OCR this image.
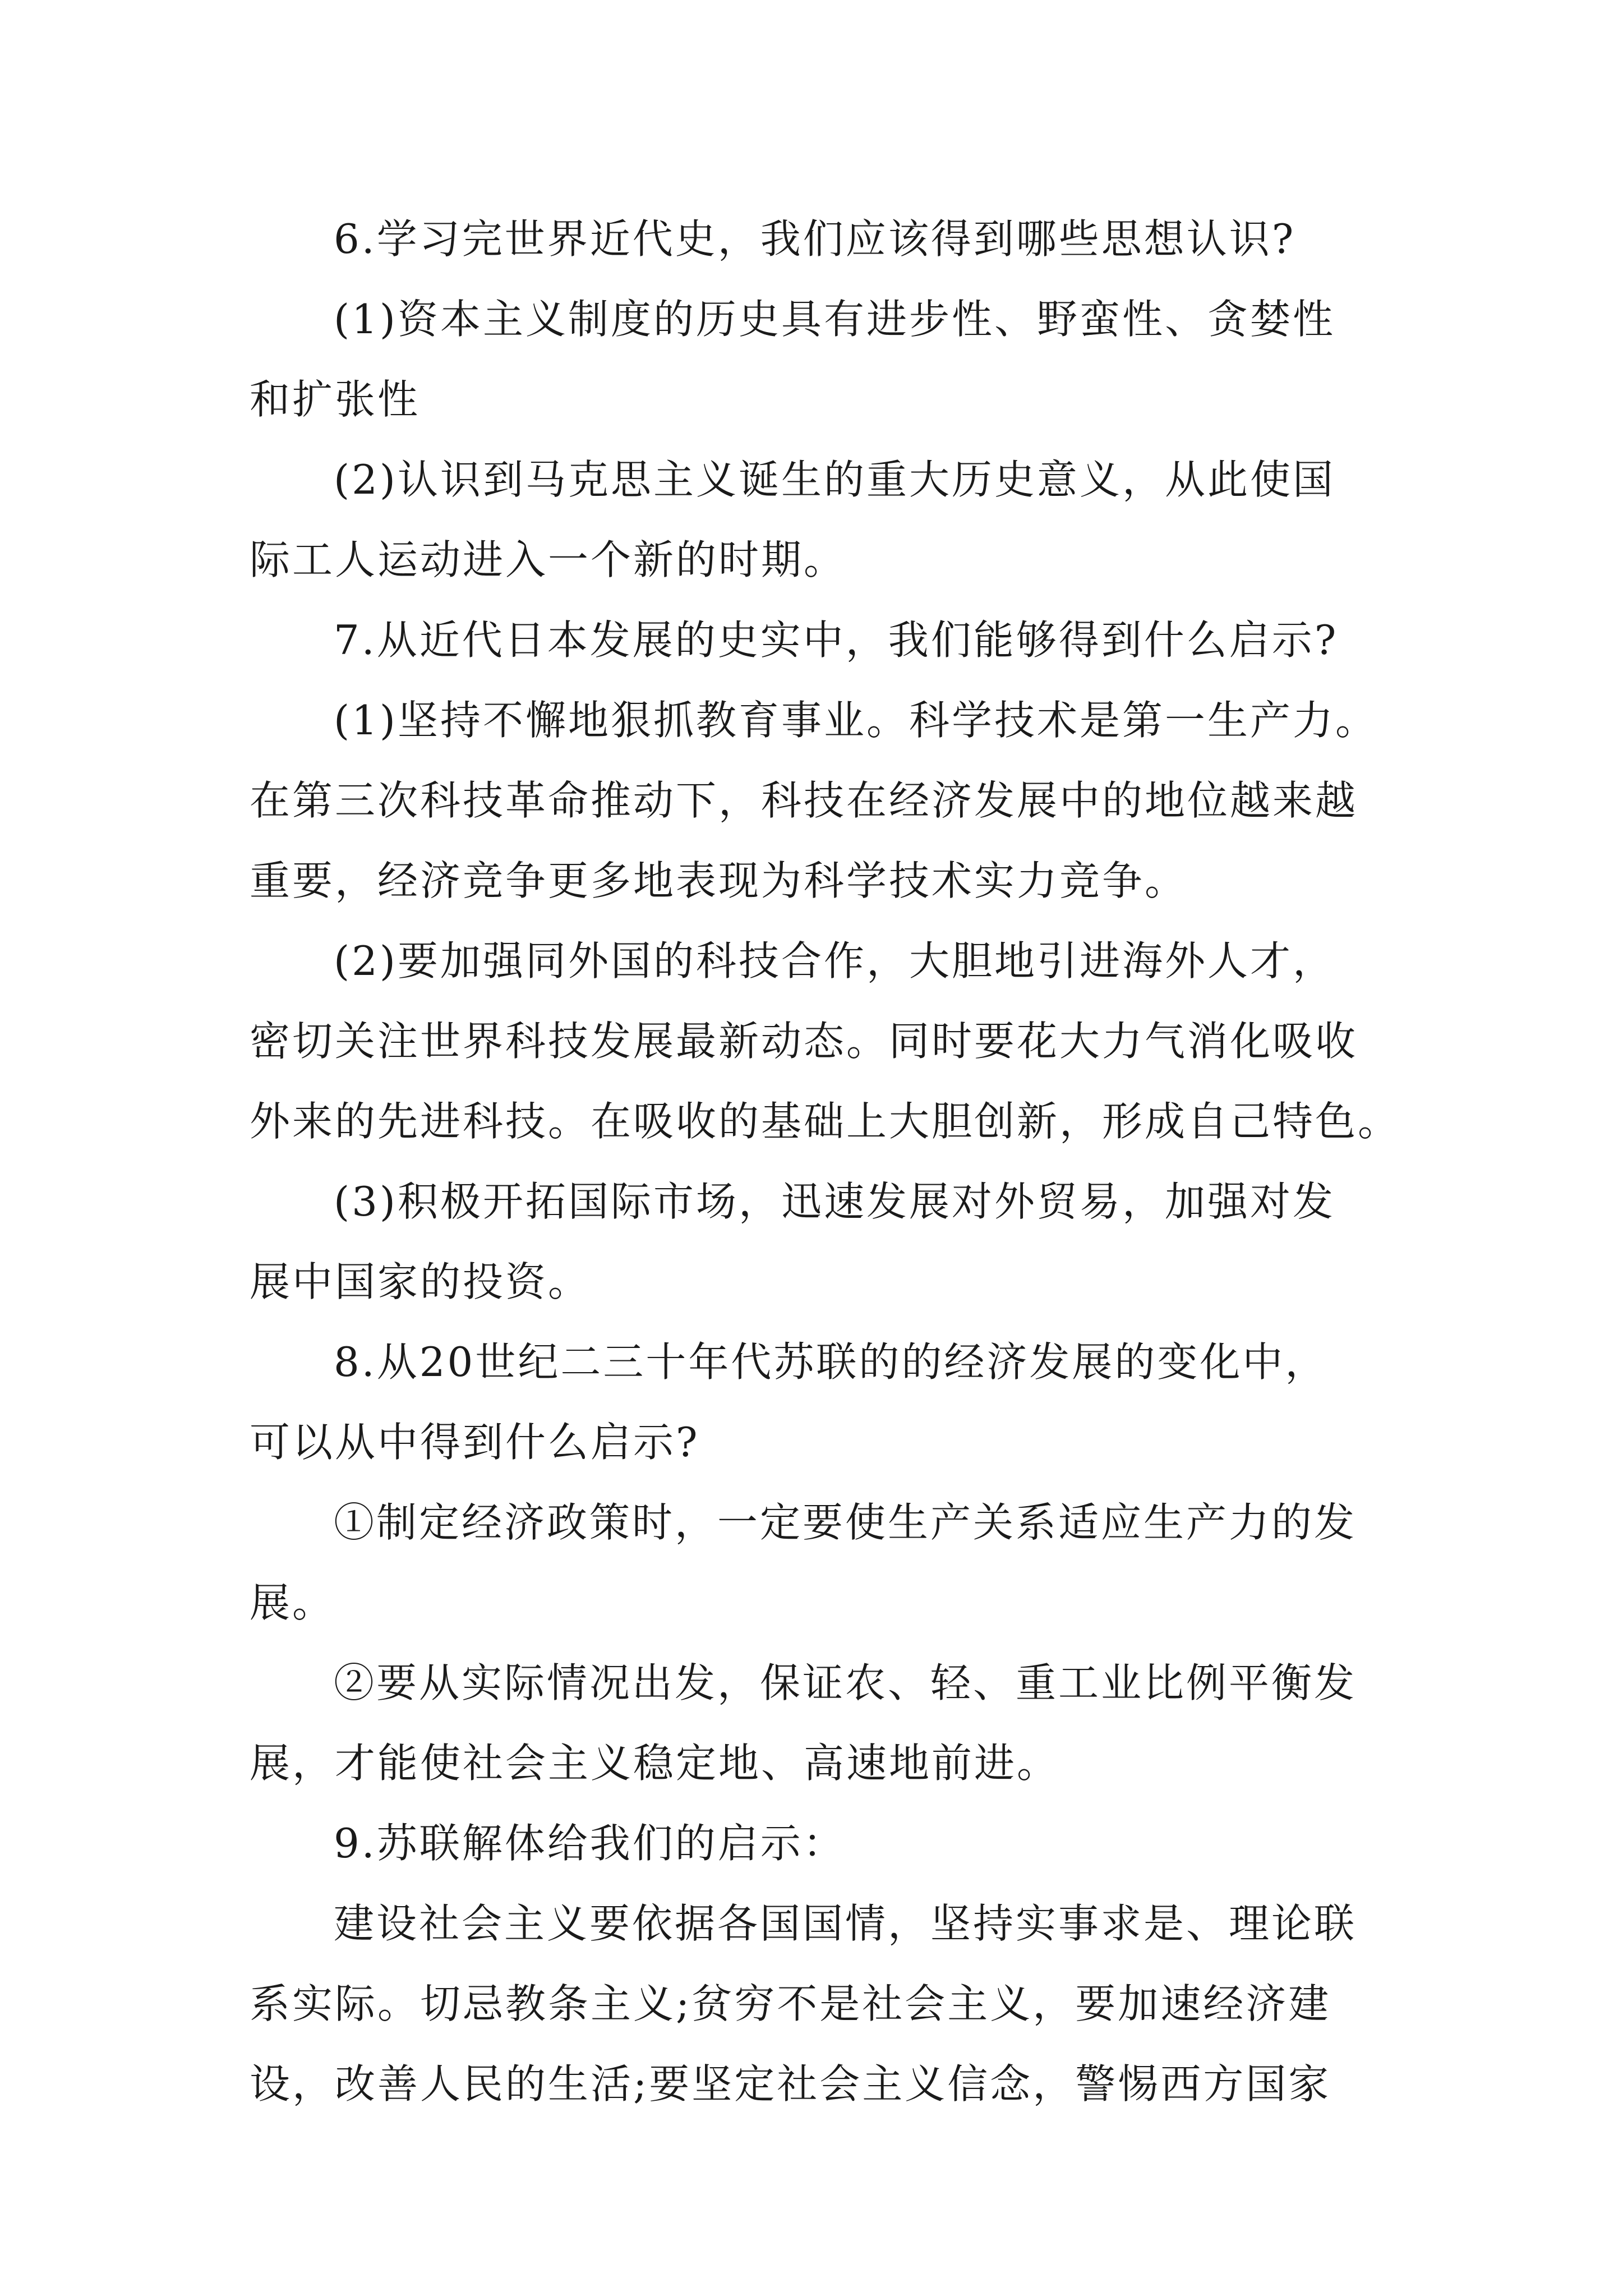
6.学习完世界近代史，我们应该得到哪些思想认识?
(1)资本主义制度的历史具有进步性、野蛮性、贪婪性
和扩张性
(2)认识到马克思主义诞生的重大历史意义，从此使国
际工人运动进入一个新的时期。
7.从近代日本发展的史实中，我们能够得到什么启示?
(1)坚持不懈地狠抓教育事业。科学技术是第一生产力。
在第三次科技革命推动下，科技在经济发展中的地位越来越
重要，经济竞争更多地表现为科学技术实力竞争。
(2)要加强同外国的科技合作，大胆地引进海外人才，
密切关注世界科技发展最新动态。同时要花大力气消化吸收
外来的先进科技。在吸收的基础上大胆创新，形成自己特色。
(3)积极开拓国际市场，迅速发展对外贸易，加强对发
展中国家的投资。
8.从20世纪二三十年代苏联的的经济发展的变化中，
可以从中得到什么启示?
①制定经济政策时，一定要使生产关系适应生产力的发
展。
②要从实际情况出发，保证农、轻、重工业比例平衡发
展，才能使社会主义稳定地、高速地前进。
9.苏联解体给我们的启示：
建设社会主义要依据各国国情，坚持实事求是、理论联
系实际。切忌教条主义;贫穷不是社会主义，要加速经济建
设，改善人民的生活;要坚定社会主义信念，警惕西方国家
